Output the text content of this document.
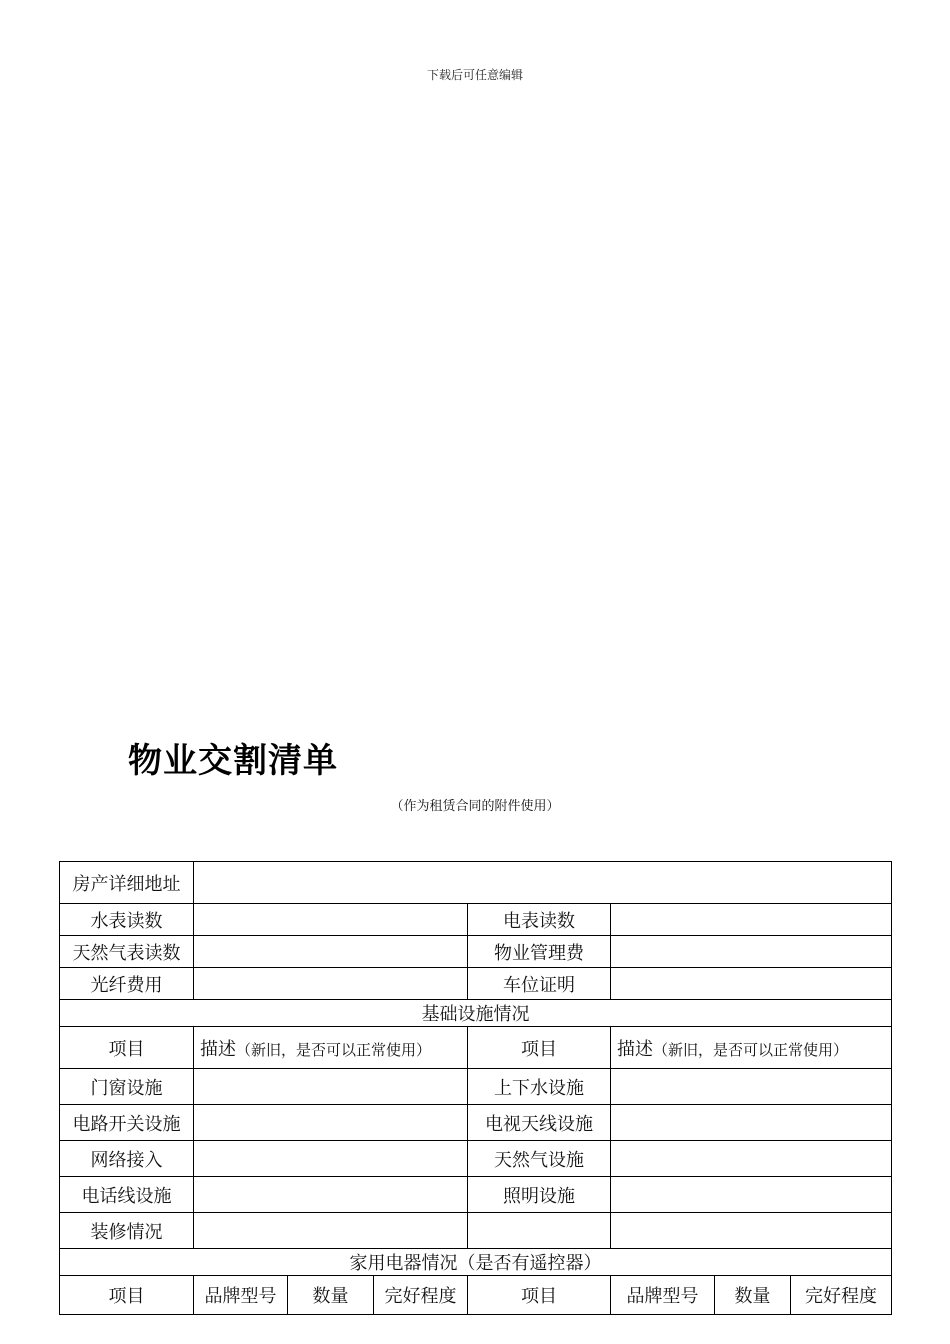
下载后可任意编辑
物业交割清单
（作为租赁合同的附件使用）
房产详细地址							
水表读数				电表读数			
天然气表读数				物业管理费			
光纤费用				车位证明			
基础设施情况							
项目	描述（新旧，是否可以正常使用）			项目	描述（新旧，是否可以正常使用）		
门窗设施				上下水设施			
电路开关设施				电视天线设施			
网络接入				天然气设施			
电话线设施				照明设施			
装修情况							
家用电器情况（是否有遥控器）							
项目	品牌型号	数量	完好程度	项目	品牌型号	数量	完好程度
